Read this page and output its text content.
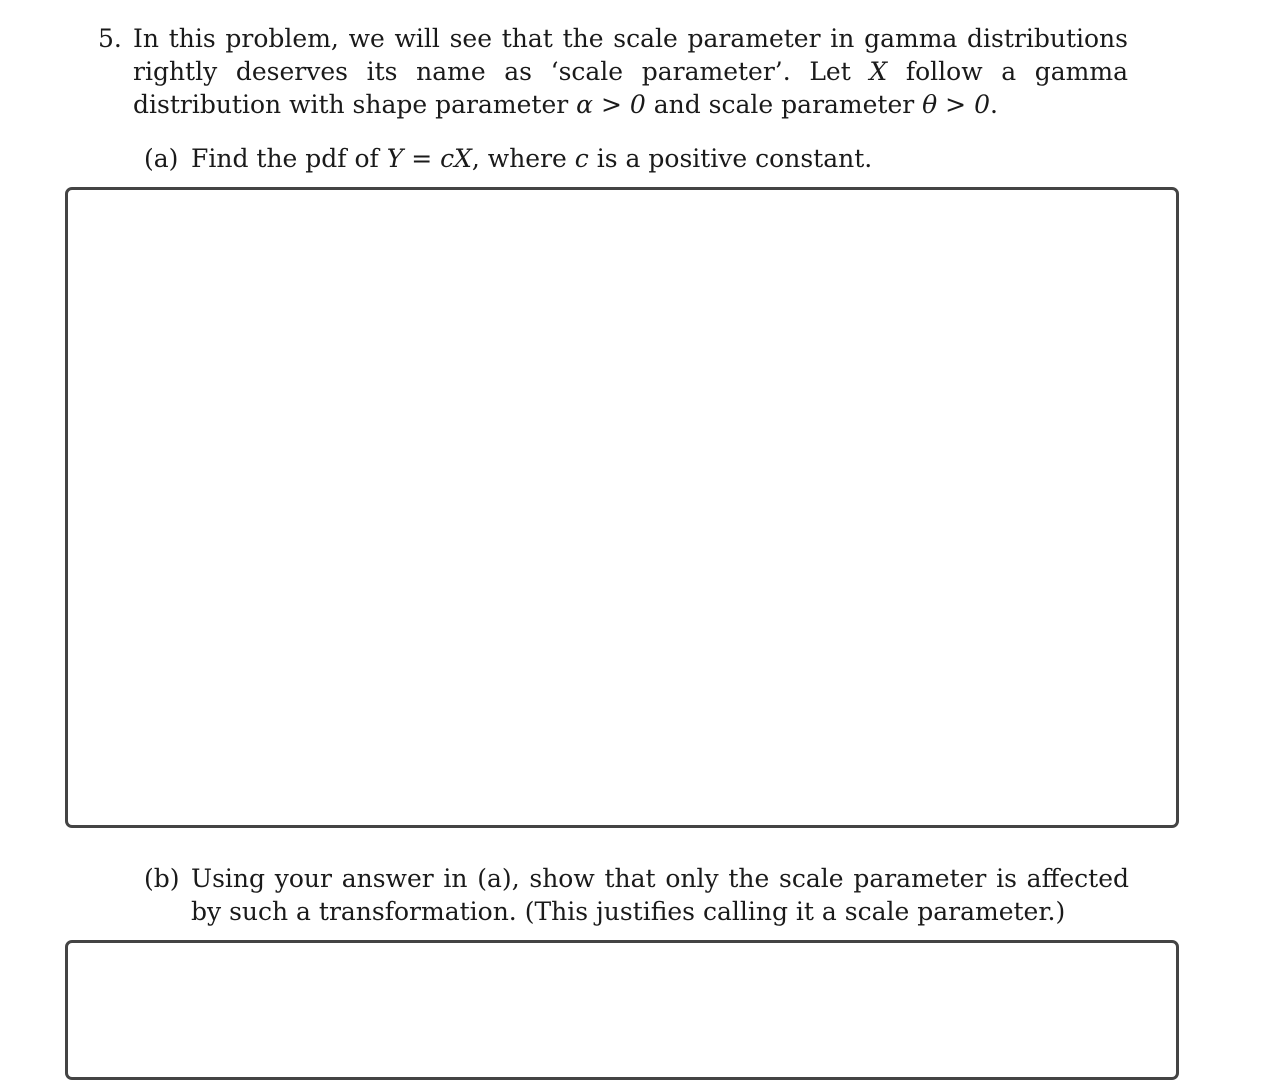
5. In this problem, we will see that the scale parameter in gamma distributions rightly deserves its name as ‘scale parameter’. Let X follow a gamma distribution with shape parameter α > 0 and scale parameter θ > 0.
(a) Find the pdf of Y = cX, where c is a positive constant.
(b) Using your answer in (a), show that only the scale parameter is affected by such a transformation. (This justifies calling it a scale parameter.)
